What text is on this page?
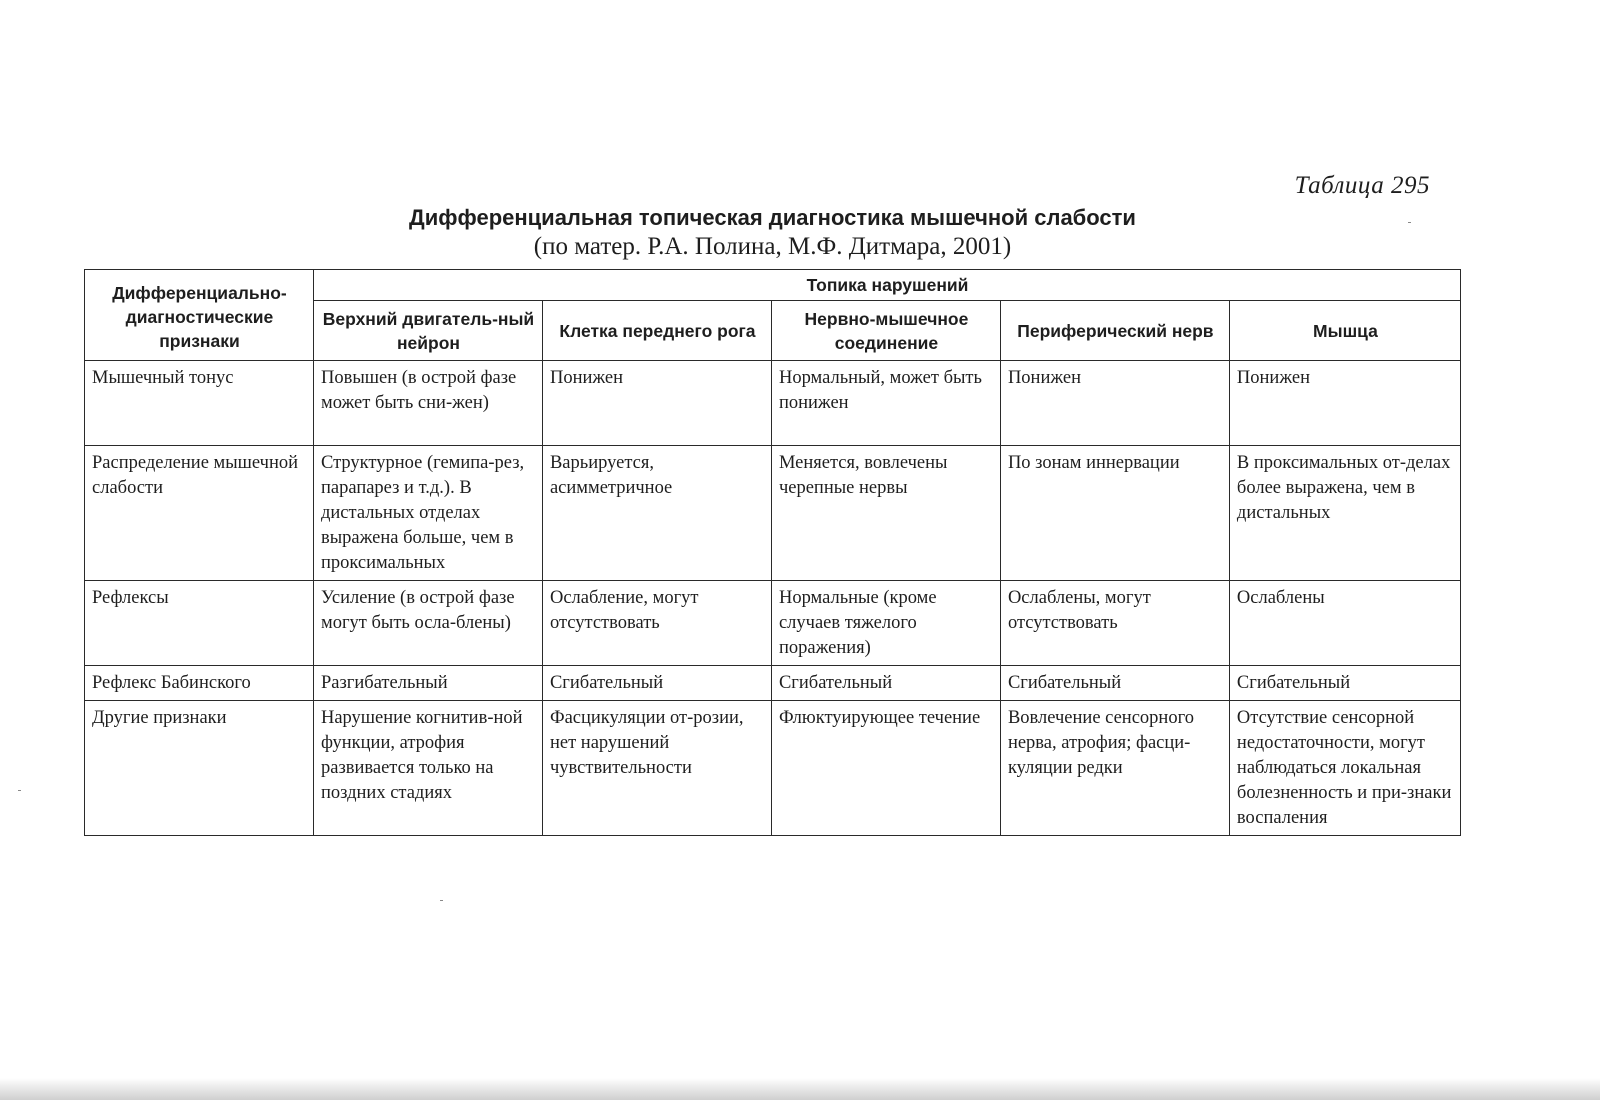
Таблица 295
Дифференциальная топическая диагностика мышечной слабости
(по матер. Р.А. Полина, М.Ф. Дитмара, 2001)
Дифференциально-диагностические признаки	Топика нарушений				
	Верхний двигатель-ный нейрон	Клетка переднего рога	Нервно-мышечное соединение	Периферический нерв	Мышца
Мышечный тонус	Повышен (в острой фазе может быть сни-жен)	Понижен	Нормальный, может быть понижен	Понижен	Понижен
Распределение мышечной слабости	Структурное (гемипа-рез, парапарез и т.д.). В дистальных отделах выражена больше, чем в проксимальных	Варьируется, асимметричное	Меняется, вовлечены черепные нервы	По зонам иннервации	В проксимальных от-делах более выражена, чем в дистальных
Рефлексы	Усиление (в острой фазе могут быть осла-блены)	Ослабление, могут отсутствовать	Нормальные (кроме случаев тяжелого поражения)	Ослаблены, могут отсутствовать	Ослаблены
Рефлекс Бабинского	Разгибательный	Сгибательный	Сгибательный	Сгибательный	Сгибательный
Другие признаки	Нарушение когнитив-ной функции, атрофия развивается только на поздних стадиях	Фасцикуляции от-розии, нет нарушений чувствительности	Флюктуирующее течение	Вовлечение сенсорного нерва, атрофия; фасци-куляции редки	Отсутствие сенсорной недостаточности, могут наблюдаться локальная болезненность и при-знаки воспаления
